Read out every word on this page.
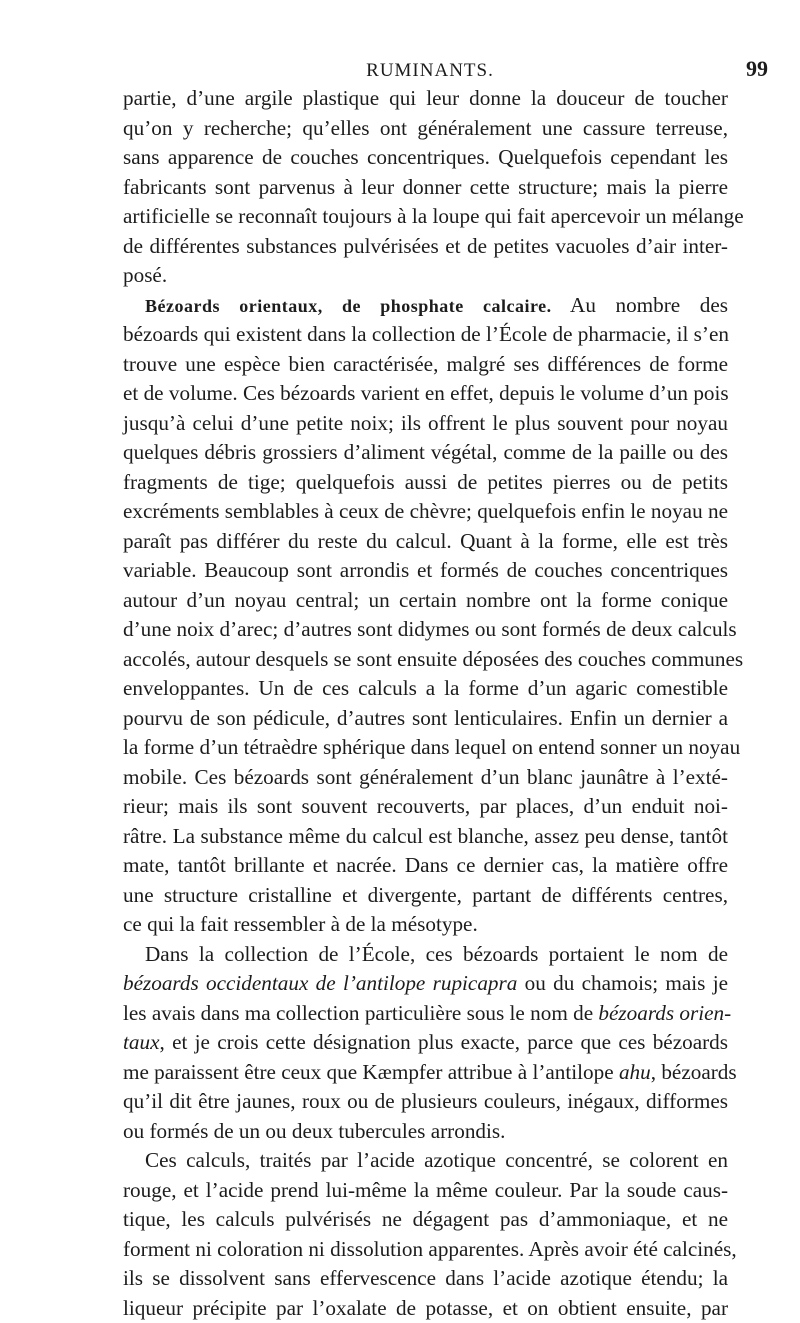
RUMINANTS.	99
partie, d’une argile plastique qui leur donne la douceur de toucher
qu’on y recherche; qu’elles ont généralement une cassure terreuse,
sans apparence de couches concentriques. Quelquefois cependant les
fabricants sont parvenus à leur donner cette structure; mais la pierre
artificielle se reconnaît toujours à la loupe qui fait apercevoir un mélange
de différentes substances pulvérisées et de petites vacuoles d’air inter-
posé.
Bézoards orientaux, de phosphate calcaire. Au nombre des
bézoards qui existent dans la collection de l’École de pharmacie, il s’en
trouve une espèce bien caractérisée, malgré ses différences de forme
et de volume. Ces bézoards varient en effet, depuis le volume d’un pois
jusqu’à celui d’une petite noix; ils offrent le plus souvent pour noyau
quelques débris grossiers d’aliment végétal, comme de la paille ou des
fragments de tige; quelquefois aussi de petites pierres ou de petits
excréments semblables à ceux de chèvre; quelquefois enfin le noyau ne
paraît pas différer du reste du calcul. Quant à la forme, elle est très
variable. Beaucoup sont arrondis et formés de couches concentriques
autour d’un noyau central; un certain nombre ont la forme conique
d’une noix d’arec; d’autres sont didymes ou sont formés de deux calculs
accolés, autour desquels se sont ensuite déposées des couches communes
enveloppantes. Un de ces calculs a la forme d’un agaric comestible
pourvu de son pédicule, d’autres sont lenticulaires. Enfin un dernier a
la forme d’un tétraèdre sphérique dans lequel on entend sonner un noyau
mobile. Ces bézoards sont généralement d’un blanc jaunâtre à l’exté-
rieur; mais ils sont souvent recouverts, par places, d’un enduit noi-
râtre. La substance même du calcul est blanche, assez peu dense, tantôt
mate, tantôt brillante et nacrée. Dans ce dernier cas, la matière offre
une structure cristalline et divergente, partant de différents centres,
ce qui la fait ressembler à de la mésotype.
Dans la collection de l’École, ces bézoards portaient le nom de
bézoards occidentaux de l’antilope rupicapra ou du chamois; mais je
les avais dans ma collection particulière sous le nom de bézoards orien-
taux, et je crois cette désignation plus exacte, parce que ces bézoards
me paraissent être ceux que Kæmpfer attribue à l’antilope ahu, bézoards
qu’il dit être jaunes, roux ou de plusieurs couleurs, inégaux, difformes
ou formés de un ou deux tubercules arrondis.
Ces calculs, traités par l’acide azotique concentré, se colorent en
rouge, et l’acide prend lui-même la même couleur. Par la soude caus-
tique, les calculs pulvérisés ne dégagent pas d’ammoniaque, et ne
forment ni coloration ni dissolution apparentes. Après avoir été calcinés,
ils se dissolvent sans effervescence dans l’acide azotique étendu; la
liqueur précipite par l’oxalate de potasse, et on obtient ensuite, par
